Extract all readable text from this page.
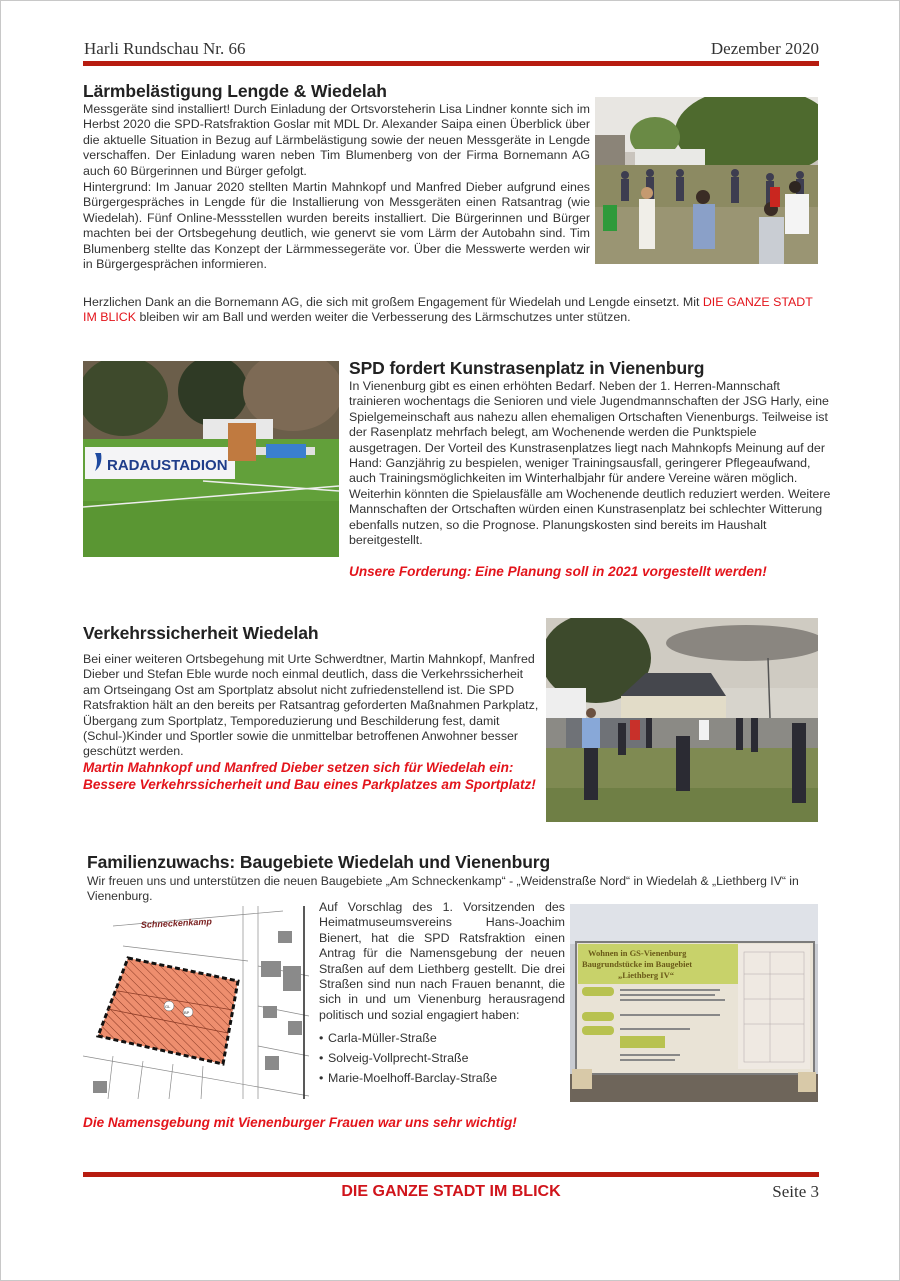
Harli Rundschau Nr. 66	Dezember 2020
Lärmbelästigung Lengde & Wiedelah

Messgeräte sind installiert! Durch Einladung der Ortsvorsteherin Lisa Lindner konnte sich im Herbst 2020 die SPD-Ratsfraktion Goslar mit MDL Dr. Alexander Saipa einen Überblick über die aktuelle Situation in Bezug auf Lärmbelästigung sowie der neuen Messgeräte in Lengde verschaffen. Der Einladung waren neben Tim Blumenberg von der Firma Bornemann AG auch 60 Bürgerinnen und Bürger gefolgt.

Hintergrund: Im Januar 2020 stellten Martin Mahnkopf und Manfred Dieber aufgrund eines Bürgergespräches in Lengde für die Installierung von Messgeräten einen Ratsantrag (wie Wiedelah). Fünf Online-Messstellen wurden bereits installiert. Die Bürgerinnen und Bürger machten bei der Ortsbegehung deutlich, wie genervt sie vom Lärm der Autobahn sind. Tim Blumenberg stellte das Konzept der Lärmmessegeräte vor. Über die Messwerte werden wir in Bürgergesprächen informieren.

Herzlichen Dank an die Bornemann AG, die sich mit großem Engagement für Wiedelah und Lengde einsetzt. Mit DIE GANZE STADT IM BLICK bleiben wir am Ball und werden weiter die Verbesserung des Lärmschutzes unter stützen.
RADAUSTADION
SPD fordert Kunstrasenplatz in Vienenburg
In Vienenburg gibt es einen erhöhten Bedarf. Neben der 1. Herren-Mannschaft trainieren wochentags die Senioren und viele Jugendmannschaften der JSG Harly, eine Spielgemeinschaft aus nahezu allen ehemaligen Ortschaften Vienenburgs. Teilweise ist der Rasenplatz mehrfach belegt, am Wochenende werden die Punktspiele ausgetragen. Der Vorteil des Kunstrasenplatzes liegt nach Mahnkopfs Meinung auf der Hand: Ganzjährig zu bespielen, weniger Trainingsausfall, geringerer Pflegeaufwand, auch Trainingsmöglichkeiten im Winterhalbjahr für andere Vereine wären möglich. Weiterhin könnten die Spielausfälle am Wochenende deutlich reduziert werden. Weitere Mannschaften der Ortschaften würden einen Kunstrasenplatz bei schlechter Witterung ebenfalls nutzen, so die Prognose. Planungskosten sind bereits im Haushalt bereitgestellt.
Unsere Forderung: Eine Planung soll in 2021 vorgestellt werden!
Verkehrssicherheit Wiedelah
Bei einer weiteren Ortsbegehung mit Urte Schwerdtner, Martin Mahnkopf, Manfred Dieber und Stefan Eble wurde noch einmal deutlich, dass die Verkehrssicherheit am Ortseingang Ost am Sportplatz absolut nicht zufriedenstellend ist. Die SPD Ratsfraktion hält an den bereits per Ratsantrag geforderten Maßnahmen Parkplatz, Übergang zum Sportplatz, Temporeduzierung und Beschilderung fest, damit (Schul-)Kinder und Sportler sowie die unmittelbar betroffenen Anwohner besser geschützt werden.
Martin Mahnkopf und Manfred Dieber setzen sich für Wiedelah ein: Bessere Verkehrssicherheit und Bau eines Parkplatzes am Sportplatz!
Familienzuwachs: Baugebiete Wiedelah und Vienenburg
Wir freuen uns und unterstützen die neuen Baugebiete „Am Schneckenkamp“ - „Weidenstraße Nord“ in Wiedelah & „Liethberg IV“ in Vienenburg.
GL
BP
Schneckenkamp

Auf Vorschlag des 1. Vorsitzenden des Heimatmuseumsvereins Hans-Joachim Bienert, hat die SPD Ratsfraktion einen Antrag für die Namensgebung der neuen Straßen auf dem Liethberg gestellt. Die drei Straßen sind nun nach Frauen benannt, die sich in und um Vienenburg herausragend politisch und sozial engagiert haben:

• Carla-Müller-Straße
• Solveig-Vollprecht-Straße
• Marie-Moelhoff-Barclay-Straße
Wohnen in GS-Vienenburg
Baugrundstücke im Baugebiet
„Liethberg IV“
Die Namensgebung mit Vienenburger Frauen war uns sehr wichtig!
DIE GANZE STADT IM BLICK	Seite 3
